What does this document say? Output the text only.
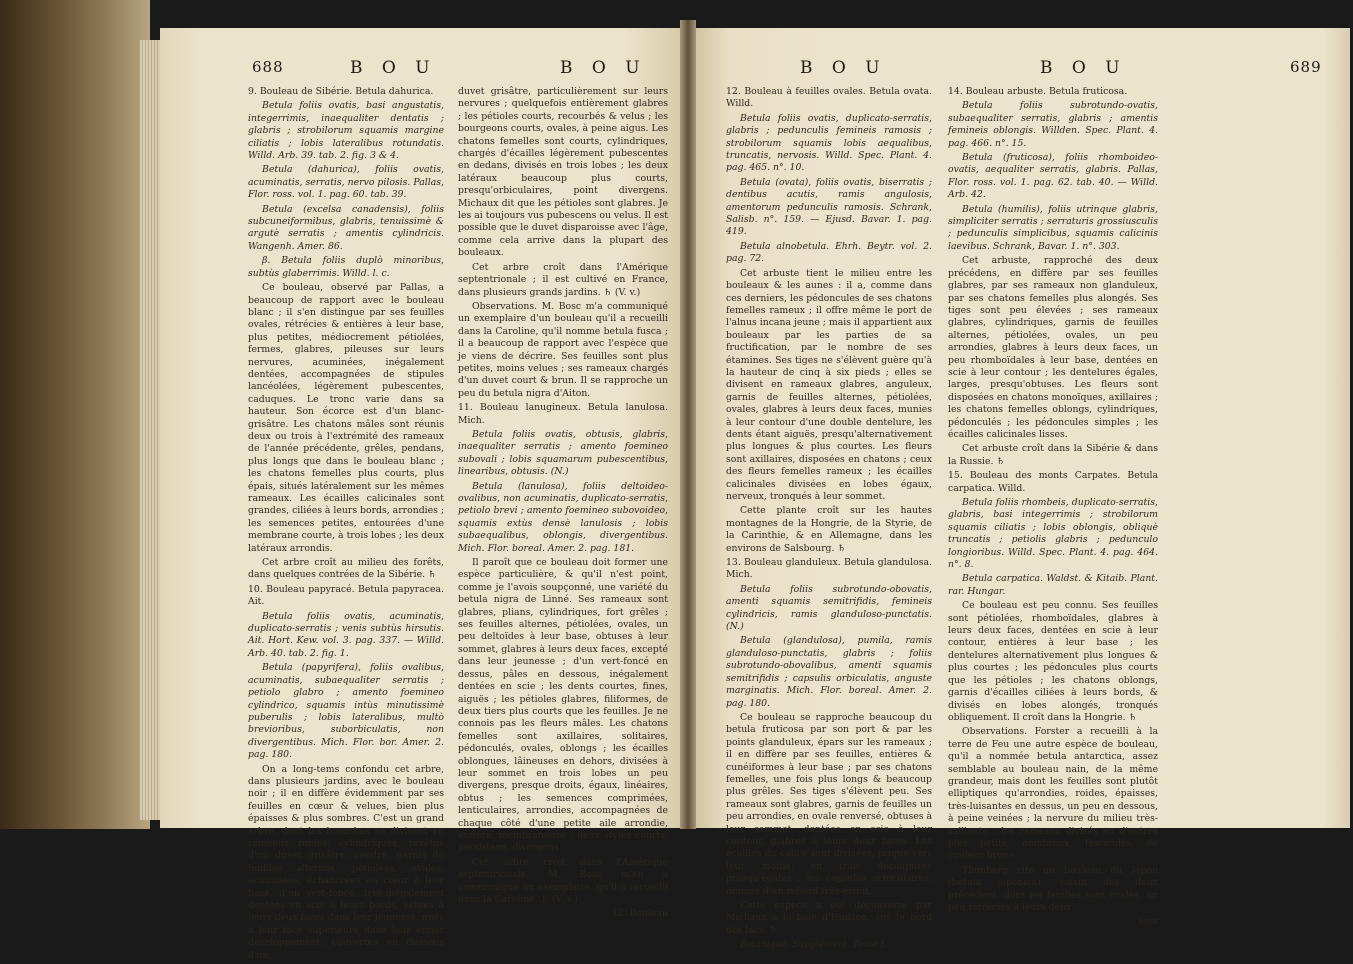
688	B O U	B O U

9. Bouleau de Sibérie. Betula dahurica.

Betula foliis ovatis, basi angustatis, integerrimis, inaequaliter dentatis ; glabris ; strobilorum squamis margine ciliatis ; lobis lateralibus rotundatis. Willd. Arb. 39. tab. 2. fig. 3 & 4.

Betula (dahurica), foliis ovatis, acuminatis, serratis, nervo pilosis. Pallas, Flor. ross. vol. 1. pag. 60. tab. 39.

Betula (excelsa canadensis), foliis subcuneiformibus, glabris, tenuissimè & argutè serratis ; amentis cylindricis. Wangenh. Amer. 86.

β. Betula foliis duplò minoribus, subtùs glaberrimis. Willd. l. c.

Ce bouleau, observé par Pallas, a beaucoup de rapport avec le bouleau blanc ; il s'en distingue par ses feuilles ovales, rétrécies & entières à leur base, plus petites, médiocrement pétiolées, fermes, glabres, pileuses sur leurs nervures, acuminées, inégalement dentées, accompagnées de stipules lancéolées, légèrement pubescentes, caduques. Le tronc varie dans sa hauteur. Son écorce est d'un blanc-grisâtre. Les chatons mâles sont réunis deux ou trois à l'extrémité des rameaux de l'année précédente, grêles, pendans, plus longs que dans le bouleau blanc ; les chatons femelles plus courts, plus épais, situés latéralement sur les mêmes rameaux. Les écailles calicinales sont grandes, ciliées à leurs bords, arrondies ; les semences petites, entourées d'une membrane courte, à trois lobes ; les deux latéraux arrondis.

Cet arbre croît au milieu des forêts, dans quelques contrées de la Sibérie. ♄

10. Bouleau papyracé. Betula papyracea. Ait.

Betula foliis ovatis, acuminatis, duplicato-serratis ; venis subtùs hirsutis. Ait. Hort. Kew. vol. 3. pag. 337. — Willd. Arb. 40. tab. 2. fig. 1.

Betula (papyrifera), foliis ovalibus, acuminatis, subaequaliter serratis ; petiolo glabro ; amento foemineo cylindrico, squamis intùs minutissimè puberulis ; lobis lateralibus, multò brevioribus, suborbiculatis, non divergentibus. Mich. Flor. bor. Amer. 2. pag. 180.

On a long-tems confondu cet arbre, dans plusieurs jardins, avec le bouleau noir ; il en diffère évidemment par ses feuilles en cœur & velues, bien plus épaisses & plus sombres. C'est un grand arbre, dont les branches se divisent en rameaux roides, cylindriques, revêtus d'un duvet grisâtre, cendré, garnis de feuilles alternes, pétiolées, ovales, acuminées, échancrées en cœur à leur base, d'un vert-foncé, très-inégalement dentées en scie à leurs bords, velues à leurs deux faces dans leur jeunesse, nues à leur face supérieure dans leur entier développement, couvertes en dessous d'un

duvet grisâtre, particulièrement sur leurs nervures ; quelquefois entièrement glabres ; les pétioles courts, recourbés & velus ; les bourgeons courts, ovales, à peine aigus. Les chatons femelles sont courts, cylindriques, chargés d'écailles légèrement pubescentes en dedans, divisés en trois lobes ; les deux latéraux beaucoup plus courts, presqu'orbiculaires, point divergens. Michaux dit que les pétioles sont glabres. Je les ai toujours vus pubescens ou velus. Il est possible que le duvet disparoisse avec l'âge, comme cela arrive dans la plupart des bouleaux.

Cet arbre croît dans l'Amérique septentrionale ; il est cultivé en France, dans plusieurs grands jardins. ♄ (V. v.)

Observations. M. Bosc m'a communiqué un exemplaire d'un bouleau qu'il a recueilli dans la Caroline, qu'il nomme betula fusca ; il a beaucoup de rapport avec l'espèce que je viens de décrire. Ses feuilles sont plus petites, moins velues ; ses rameaux chargés d'un duvet court & brun. Il se rapproche un peu du betula nigra d'Aiton.

11. Bouleau lanugineux. Betula lanulosa. Mich.

Betula foliis ovatis, obtusis, glabris, inaequaliter serratis ; amento foemineo subovali ; lobis squamarum pubescentibus, linearibus, obtusis. (N.)

Betula (lanulosa), foliis deltoideo-ovalibus, non acuminatis, duplicato-serratis, petiolo brevi ; amento foemineo subovoideo, squamis extùs densè lanulosis ; lobis subaequalibus, oblongis, divergentibus. Mich. Flor. boreal. Amer. 2. pag. 181.

Il paroît que ce bouleau doit former une espèce particulière, & qu'il n'est point, comme je l'avois soupçonné, une variété du betula nigra de Linné. Ses rameaux sont glabres, plians, cylindriques, fort grêles ; ses feuilles alternes, pétiolées, ovales, un peu deltoïdes à leur base, obtuses à leur sommet, glabres à leurs deux faces, excepté dans leur jeunesse ; d'un vert-foncé en dessus, pâles en dessous, inégalement dentées en scie ; les dents courtes, fines, aiguës ; les pétioles glabres, filiformes, de deux tiers plus courts que les feuilles. Je ne connois pas les fleurs mâles. Les chatons femelles sont axillaires, solitaires, pédonculés, ovales, oblongs ; les écailles oblongues, lâineuses en dehors, divisées à leur sommet en trois lobes un peu divergens, presque droits, égaux, linéaires, obtus ; les semences comprimées, lenticulaires, arrondies, accompagnées de chaque côté d'une petite aile arrondie, entière, membraneuse ; deux styles courts, persistans, divergens.

Cet arbre croît dans l'Amérique septentrionale. M. Bosc m'en a communiqué un exemplaire, qu'il a recueilli dans la Caroline. ♄ (V. s.)

12. Bouleau

B O U	B O U	689

12. Bouleau à feuilles ovales. Betula ovata. Willd.

Betula foliis ovatis, duplicato-serratis, glabris ; pedunculis femineis ramosis ; strobilorum squamis lobis aequalibus, truncatis, nervosis. Willd. Spec. Plant. 4. pag. 465. n°. 10.

Betula (ovata), foliis ovatis, biserratis ; dentibus acutis, ramis angulosis, amentorum pedunculis ramosis. Schrank, Salisb. n°. 159. — Ejusd. Bavar. 1. pag. 419.

Betula alnobetula. Ehrh. Beytr. vol. 2. pag. 72.

Cet arbuste tient le milieu entre les bouleaux & les aunes : il a, comme dans ces derniers, les pédoncules de ses chatons femelles rameux ; il offre même le port de l'alnus incana jeune ; mais il appartient aux bouleaux par les parties de sa fructification, par le nombre de ses étamines. Ses tiges ne s'élèvent guère qu'à la hauteur de cinq à six pieds ; elles se divisent en rameaux glabres, anguleux, garnis de feuilles alternes, pétiolées, ovales, glabres à leurs deux faces, munies à leur contour d'une double dentelure, les dents étant aiguës, presqu'alternativement plus longues & plus courtes. Les fleurs sont axillaires, disposées en chatons ; ceux des fleurs femelles rameux ; les écailles calicinales divisées en lobes égaux, nerveux, tronqués à leur sommet.

Cette plante croît sur les hautes montagnes de la Hongrie, de la Styrie, de la Carinthie, & en Allemagne, dans les environs de Salsbourg. ♄

13. Bouleau glanduleux. Betula glandulosa. Mich.

Betula foliis subrotundo-obovatis, amenti squamis semitrifidis, femineis cylindricis, ramis glanduloso-punctatis. (N.)

Betula (glandulosa), pumila, ramis glanduloso-punctatis, glabris ; foliis subrotundo-obovalibus, amenti squamis semitrifidis ; capsulis orbiculatis, anguste marginatis. Mich. Flor. boreal. Amer. 2. pag. 180.

Ce bouleau se rapproche beaucoup du betula fruticosa par son port & par les points glanduleux, épars sur les rameaux ; il en diffère par ses feuilles, entières & cunéiformes à leur base ; par ses chatons femelles, une fois plus longs & beaucoup plus grêles. Ses tiges s'élèvent peu. Ses rameaux sont glabres, garnis de feuilles un peu arrondies, en ovale renversé, obtuses à leur sommet, dentées en scie à leur contour, glabres à leurs deux faces. Les écailles du calice sont divisées, jusque vers leur moitié, en trois découpures presqu'égales ; les capsules orbiculaires, munies d'un rebord très-étroit.

Cette espèce a été découverte par Michaux à la baie d'Hudson, sur le bord des lacs. ♄

Botanique. Supplément. Tome I.

14. Bouleau arbuste. Betula fruticosa.

Betula foliis subrotundo-ovatis, subaequaliter serratis, glabris ; amentis femineis oblongis. Willden. Spec. Plant. 4. pag. 466. n°. 15.

Betula (fruticosa), foliis rhomboideo-ovatis, aequaliter serratis, glabris. Pallas, Flor. ross. vol. 1. pag. 62. tab. 40. — Willd. Arb. 42.

Betula (humilis), foliis utrinque glabris, simpliciter serratis ; serraturis grossiusculis ; pedunculis simplicibus, squamis calicinis laevibus. Schrank, Bavar. 1. n°. 303.

Cet arbuste, rapproché des deux précédens, en diffère par ses feuilles glabres, par ses rameaux non glanduleux, par ses chatons femelles plus alongés. Ses tiges sont peu élevées ; ses rameaux glabres, cylindriques, garnis de feuilles alternes, pétiolées, ovales, un peu arrondies, glabres à leurs deux faces, un peu rhomboïdales à leur base, dentées en scie à leur contour ; les dentelures égales, larges, presqu'obtuses. Les fleurs sont disposées en chatons monoïques, axillaires ; les chatons femelles oblongs, cylindriques, pédonculés ; les pédoncules simples ; les écailles calicinales lisses.

Cet arbuste croît dans la Sibérie & dans la Russie. ♄

15. Bouleau des monts Carpates. Betula carpatica. Willd.

Betula foliis rhombeis, duplicato-serratis, glabris, basi integerrimis ; strobilorum squamis ciliatis ; lobis oblongis, obliquè truncatis ; petiolis glabris ; pedunculo longioribus. Willd. Spec. Plant. 4. pag. 464. n°. 8.

Betula carpatica. Waldst. & Kitaib. Plant. rar. Hungar.

Ce bouleau est peu connu. Ses feuilles sont pétiolées, rhomboïdales, glabres à leurs deux faces, dentées en scie à leur contour, entières à leur base ; les dentelures alternativement plus longues & plus courtes ; les pédoncules plus courts que les pétioles ; les chatons oblongs, garnis d'écailles ciliées à leurs bords, & divisés en lobes alongés, tronqués obliquement. Il croît dans la Hongrie. ♄

Observations. Forster a recueilli à la terre de Feu une autre espèce de bouleau, qu'il a nommée betula antarctica, assez semblable au bouleau nain, de la même grandeur, mais dont les feuilles sont plutôt elliptiques qu'arrondies, roides, épaisses, très-luisantes en dessus, un peu en dessous, à peine veinées ; la nervure du milieu très-saillante ; les rameaux divisés en d'autres plus petits, nombreux, fasciculés, de couleur brune.

Thunberg cite un bouleau du Japon (betula japonica), voisin des deux précédens, dont les feuilles sont ovales, un peu rétrécies à leurs deux

Ssss
